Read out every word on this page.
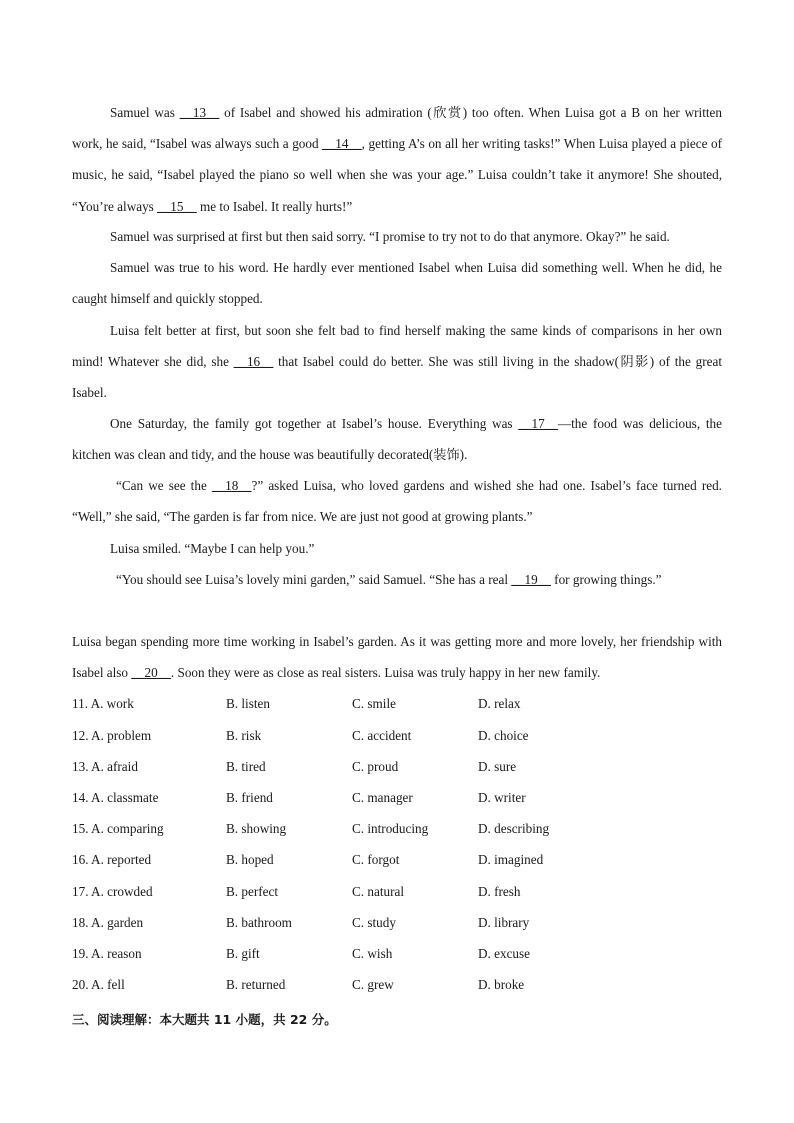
Samuel was __13__ of Isabel and showed his admiration (欣赏) too often. When Luisa got a B on her written work, he said, “Isabel was always such a good __14__, getting A’s on all her writing tasks!” When Luisa played a piece of music, he said, “Isabel played the piano so well when she was your age.” Luisa couldn’t take it anymore! She shouted, “You’re always __15__ me to Isabel. It really hurts!”
Samuel was surprised at first but then said sorry. “I promise to try not to do that anymore. Okay?” he said.
Samuel was true to his word. He hardly ever mentioned Isabel when Luisa did something well. When he did, he caught himself and quickly stopped.
Luisa felt better at first, but soon she felt bad to find herself making the same kinds of comparisons in her own mind! Whatever she did, she __16__ that Isabel could do better. She was still living in the shadow(阴影) of the great Isabel.
One Saturday, the family got together at Isabel’s house. Everything was __17__—the food was delicious, the kitchen was clean and tidy, and the house was beautifully decorated(装饰).
“Can we see the __18__?” asked Luisa, who loved gardens and wished she had one. Isabel’s face turned red. “Well,” she said, “The garden is far from nice. We are just not good at growing plants.”
Luisa smiled. “Maybe I can help you.”
“You should see Luisa’s lovely mini garden,” said Samuel. “She has a real __19__ for growing things.”
Luisa began spending more time working in Isabel’s garden. As it was getting more and more lovely, her friendship with Isabel also __20__. Soon they were as close as real sisters. Luisa was truly happy in her new family.
11. A. work	B. listen	C. smile	D. relax
12. A. problem	B. risk	C. accident	D. choice
13. A. afraid	B. tired	C. proud	D. sure
14. A. classmate	B. friend	C. manager	D. writer
15. A. comparing	B. showing	C. introducing	D. describing
16. A. reported	B. hoped	C. forgot	D. imagined
17. A. crowded	B. perfect	C. natural	D. fresh
18. A. garden	B. bathroom	C. study	D. library
19. A. reason	B. gift	C. wish	D. excuse
20. A. fell	B. returned	C. grew	D. broke
三、阅读理解：本大题共 11 小题，共 22 分。
